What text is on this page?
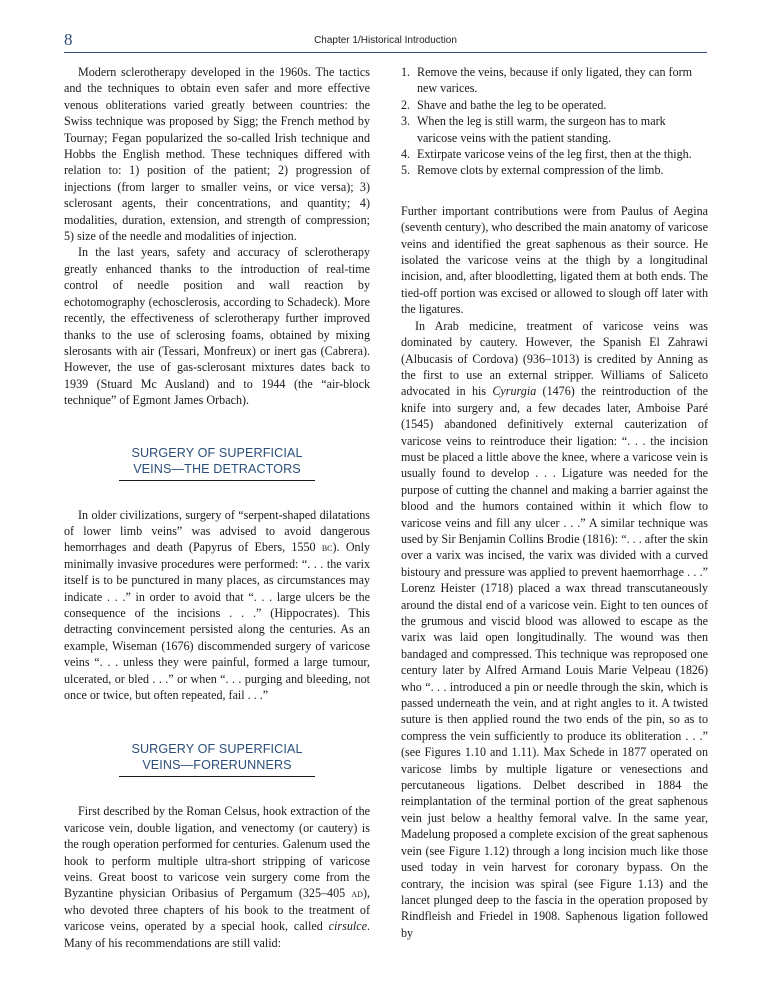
8	Chapter 1/Historical Introduction

Modern sclerotherapy developed in the 1960s. The tactics and the techniques to obtain even safer and more effective venous obliterations varied greatly between countries: the Swiss technique was proposed by Sigg; the French method by Tournay; Fegan popularized the so-called Irish technique and Hobbs the English method. These techniques differed with relation to: 1) position of the patient; 2) progression of injections (from larger to smaller veins, or vice versa); 3) sclerosant agents, their concentrations, and quantity; 4) modalities, duration, extension, and strength of compression; 5) size of the needle and modalities of injection.

In the last years, safety and accuracy of sclerotherapy greatly enhanced thanks to the introduction of real-time control of needle position and wall reaction by echotomography (echosclerosis, according to Schadeck). More recently, the effectiveness of sclerotherapy further improved thanks to the use of sclerosing foams, obtained by mixing slerosants with air (Tessari, Monfreux) or inert gas (Cabrera). However, the use of gas-sclerosant mixtures dates back to 1939 (Stuard Mc Ausland) and to 1944 (the “air-block technique” of Egmont James Orbach).

SURGERY OF SUPERFICIAL
VEINS—THE DETRACTORS

In older civilizations, surgery of “serpent-shaped dilatations of lower limb veins” was advised to avoid dangerous hemorrhages and death (Papyrus of Ebers, 1550 bc). Only minimally invasive procedures were performed: “. . . the varix itself is to be punctured in many places, as circumstances may indicate . . .” in order to avoid that “. . . large ulcers be the consequence of the incisions . . .” (Hippocrates). This detracting convincement persisted along the centuries. As an example, Wiseman (1676) discommended surgery of varicose veins “. . . unless they were painful, formed a large tumour, ulcerated, or bled . . .” or when “. . . purging and bleeding, not once or twice, but often repeated, fail . . .”

SURGERY OF SUPERFICIAL
VEINS—FORERUNNERS

First described by the Roman Celsus, hook extraction of the varicose vein, double ligation, and venectomy (or cautery) is the rough operation performed for centuries. Galenum used the hook to perform multiple ultra-short stripping of varicose veins. Great boost to varicose vein surgery come from the Byzantine physician Oribasius of Pergamum (325–405 ad), who devoted three chapters of his book to the treatment of varicose veins, operated by a special hook, called cirsulce. Many of his recommendations are still valid:

1. Remove the veins, because if only ligated, they can form new varices.
2. Shave and bathe the leg to be operated.
3. When the leg is still warm, the surgeon has to mark varicose veins with the patient standing.
4. Extirpate varicose veins of the leg first, then at the thigh.
5. Remove clots by external compression of the limb.

Further important contributions were from Paulus of Aegina (seventh century), who described the main anatomy of varicose veins and identified the great saphenous as their source. He isolated the varicose veins at the thigh by a longitudinal incision, and, after bloodletting, ligated them at both ends. The tied-off portion was excised or allowed to slough off later with the ligatures.

In Arab medicine, treatment of varicose veins was dominated by cautery. However, the Spanish El Zahrawi (Albucasis of Cordova) (936–1013) is credited by Anning as the first to use an external stripper. Williams of Saliceto advocated in his Cyrurgia (1476) the reintroduction of the knife into surgery and, a few decades later, Amboise Paré (1545) abandoned definitively external cauterization of varicose veins to reintroduce their ligation: “. . . the incision must be placed a little above the knee, where a varicose vein is usually found to develop . . . Ligature was needed for the purpose of cutting the channel and making a barrier against the blood and the humors contained within it which flow to varicose veins and fill any ulcer . . .” A similar technique was used by Sir Benjamin Collins Brodie (1816): “. . . after the skin over a varix was incised, the varix was divided with a curved bistoury and pressure was applied to prevent haemorrhage . . .” Lorenz Heister (1718) placed a wax thread transcutaneously around the distal end of a varicose vein. Eight to ten ounces of the grumous and viscid blood was allowed to escape as the varix was laid open longitudinally. The wound was then bandaged and compressed. This technique was reproposed one century later by Alfred Armand Louis Marie Velpeau (1826) who “. . . introduced a pin or needle through the skin, which is passed underneath the vein, and at right angles to it. A twisted suture is then applied round the two ends of the pin, so as to compress the vein sufficiently to produce its obliteration . . .” (see Figures 1.10 and 1.11). Max Schede in 1877 operated on varicose limbs by multiple ligature or venesections and percutaneous ligations. Delbet described in 1884 the reimplantation of the terminal portion of the great saphenous vein just below a healthy femoral valve. In the same year, Madelung proposed a complete excision of the great saphenous vein (see Figure 1.12) through a long incision much like those used today in vein harvest for coronary bypass. On the contrary, the incision was spiral (see Figure 1.13) and the lancet plunged deep to the fascia in the operation proposed by Rindfleish and Friedel in 1908. Saphenous ligation followed by
